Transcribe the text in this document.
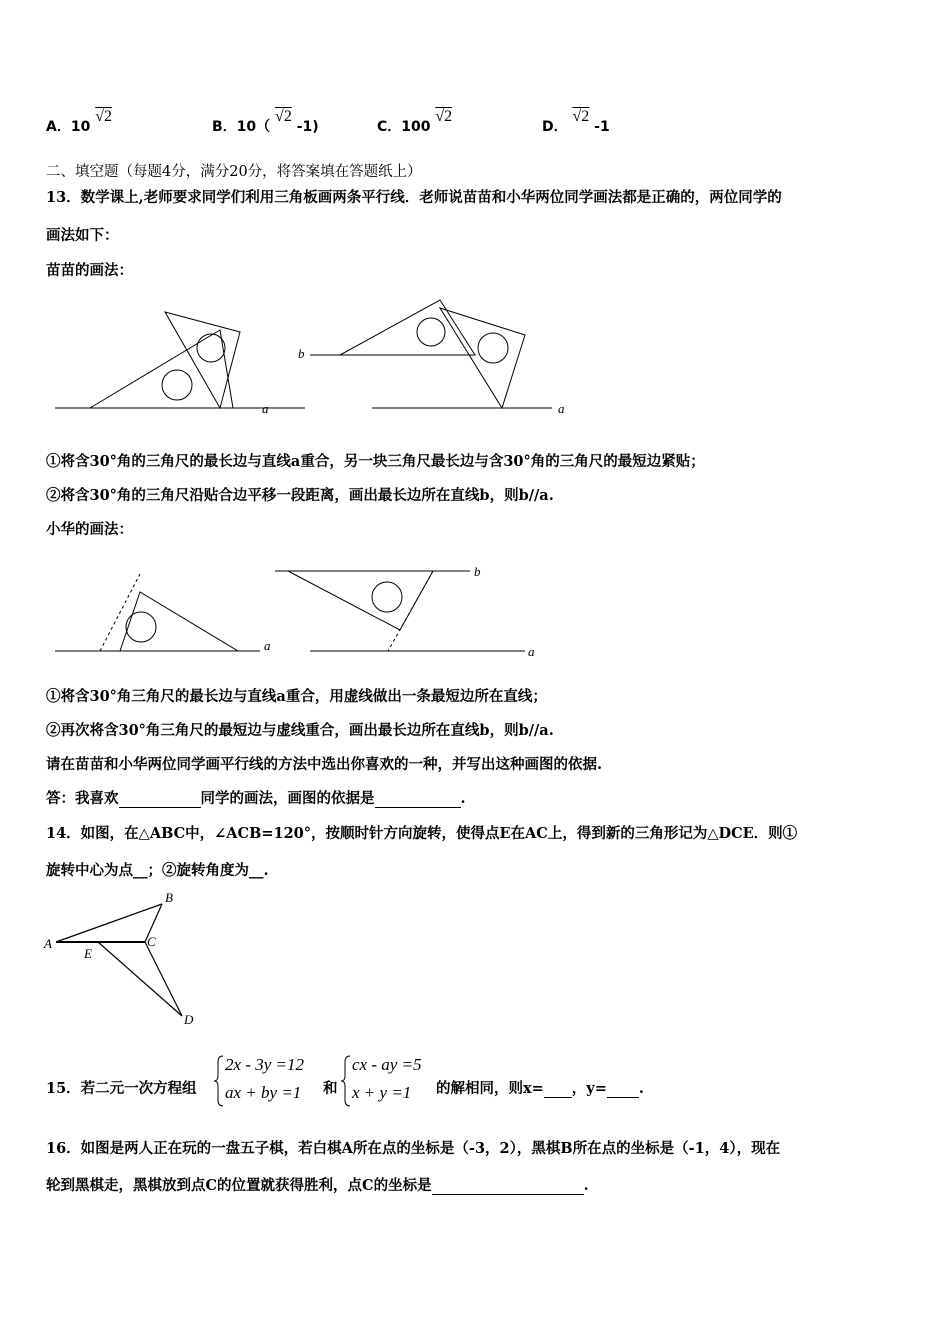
A．10 √2
B．10（ √2 -1)	C．100 √2
D． √2 -1
二、填空题（每题4分，满分20分，将答案填在答题纸上）
13．数学课上,老师要求同学们利用三角板画两条平行线．老师说苗苗和小华两位同学画法都是正确的，两位同学的
画法如下：
苗苗的画法：
a	a
b
①将含30°角的三角尺的最长边与直线a重合，另一块三角尺最长边与含30°角的三角尺的最短边紧贴；
②将含30°角的三角尺沿贴合边平移一段距离，画出最长边所在直线b，则b//a.
小华的画法：
a	a
b
①将含30°角三角尺的最长边与直线a重合，用虚线做出一条最短边所在直线；
②再次将含30°角三角尺的最短边与虚线重合，画出最长边所在直线b，则b//a.
请在苗苗和小华两位同学画平行线的方法中选出你喜欢的一种，并写出这种画图的依据.
答：我喜欢	同学的画法，画图的依据是	.
14．如图，在△ABC中，∠ACB=120°，按顺时针方向旋转，使得点E在AC上，得到新的三角形记为△DCE．则①
旋转中心为点__；②旋转角度为__.
A
B
C
D
E
15．若二元一次方程组
2x - 3y =12
ax + by =1 和
cx - ay =5
x + y =1 的解相同，则x= ，y= .
16．如图是两人正在玩的一盘五子棋，若白棋A所在点的坐标是（-3，2），黑棋B所在点的坐标是（-1，4），现在
轮到黑棋走，黑棋放到点C的位置就获得胜利，点C的坐标是	.
